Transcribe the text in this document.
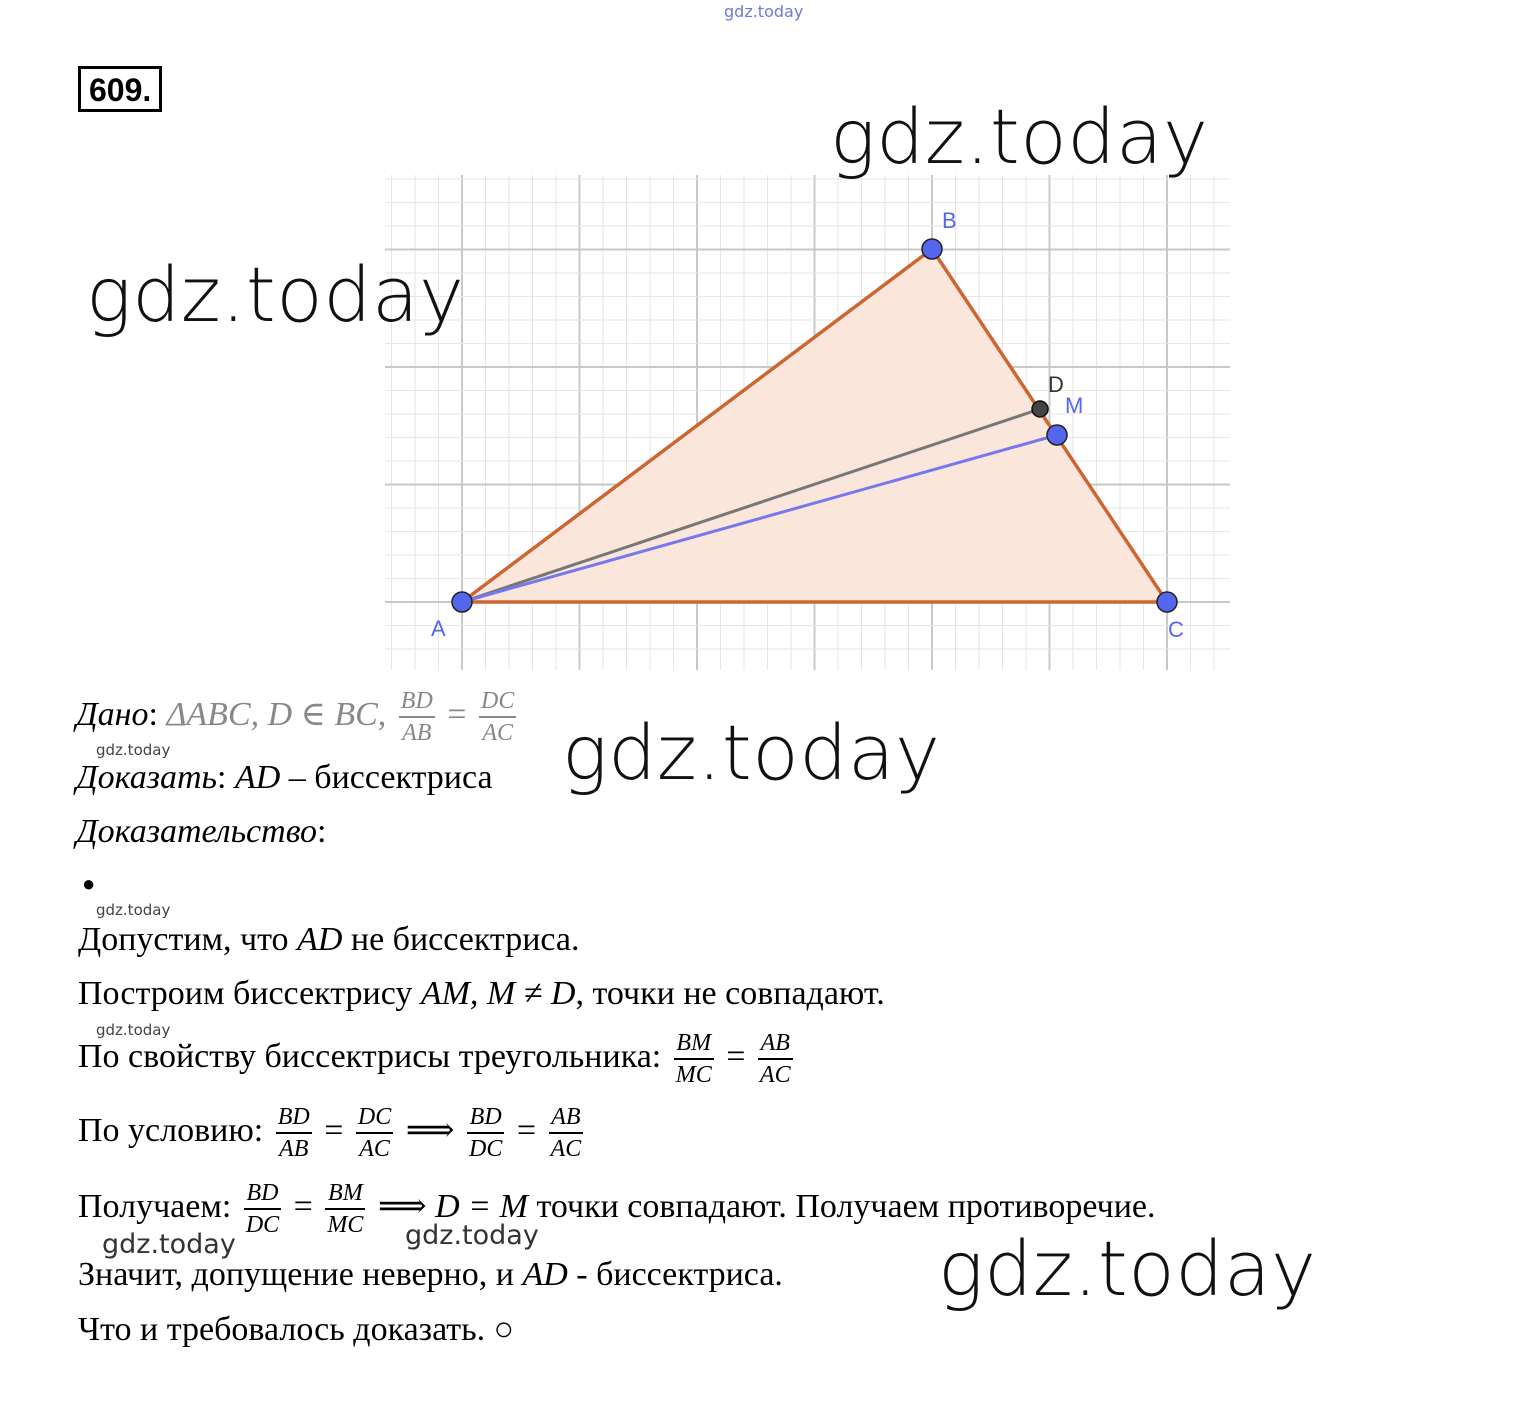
gdz.today
609.
A
B
C
D
M
gdz.today
gdz.today
gdz.today
gdz.today
gdz.today
gdz.today
gdz.today
gdz.today	gdz.today
Дано: ΔABC, D ∈ BC, $\frac{BD}{AB} = \frac{DC}{AC}$
Доказать: AD – биссектриса
Доказательство:
●
Допустим, что AD не биссектриса.
Построим биссектрису AM, M ≠ D, точки не совпадают.
По свойству биссектрисы треугольника: $\frac{BM}{MC} = \frac{AB}{AC}$
По условию: $\frac{BD}{AB} = \frac{DC}{AC}$ ⟹ $\frac{BD}{DC} = \frac{AB}{AC}$
Получаем: $\frac{BD}{DC} = \frac{BM}{MC}$ ⟹ D = M точки совпадают. Получаем противоречие.
Значит, допущение неверно, и AD - биссектриса.
Что и требовалось доказать. ○
